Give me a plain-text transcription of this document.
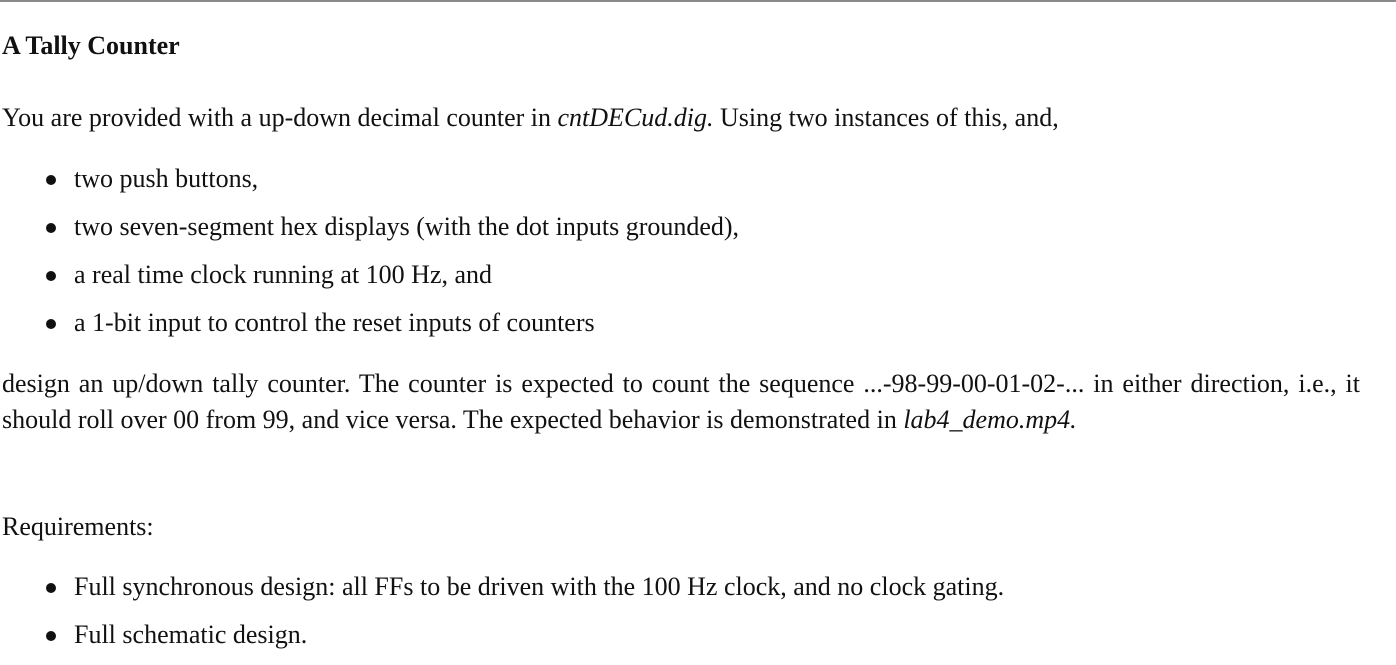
A Tally Counter

You are provided with a up-down decimal counter in cntDECud.dig. Using two instances of this, and,

two push buttons,
two seven-segment hex displays (with the dot inputs grounded),
a real time clock running at 100 Hz, and
a 1-bit input to control the reset inputs of counters

design an up/down tally counter. The counter is expected to count the sequence ...-98-99-00-01-02-... in either direction, i.e., it should roll over 00 from 99, and vice versa. The expected behavior is demonstrated in lab4_demo.mp4.

Requirements:

Full synchronous design: all FFs to be driven with the 100 Hz clock, and no clock gating.
Full schematic design.
